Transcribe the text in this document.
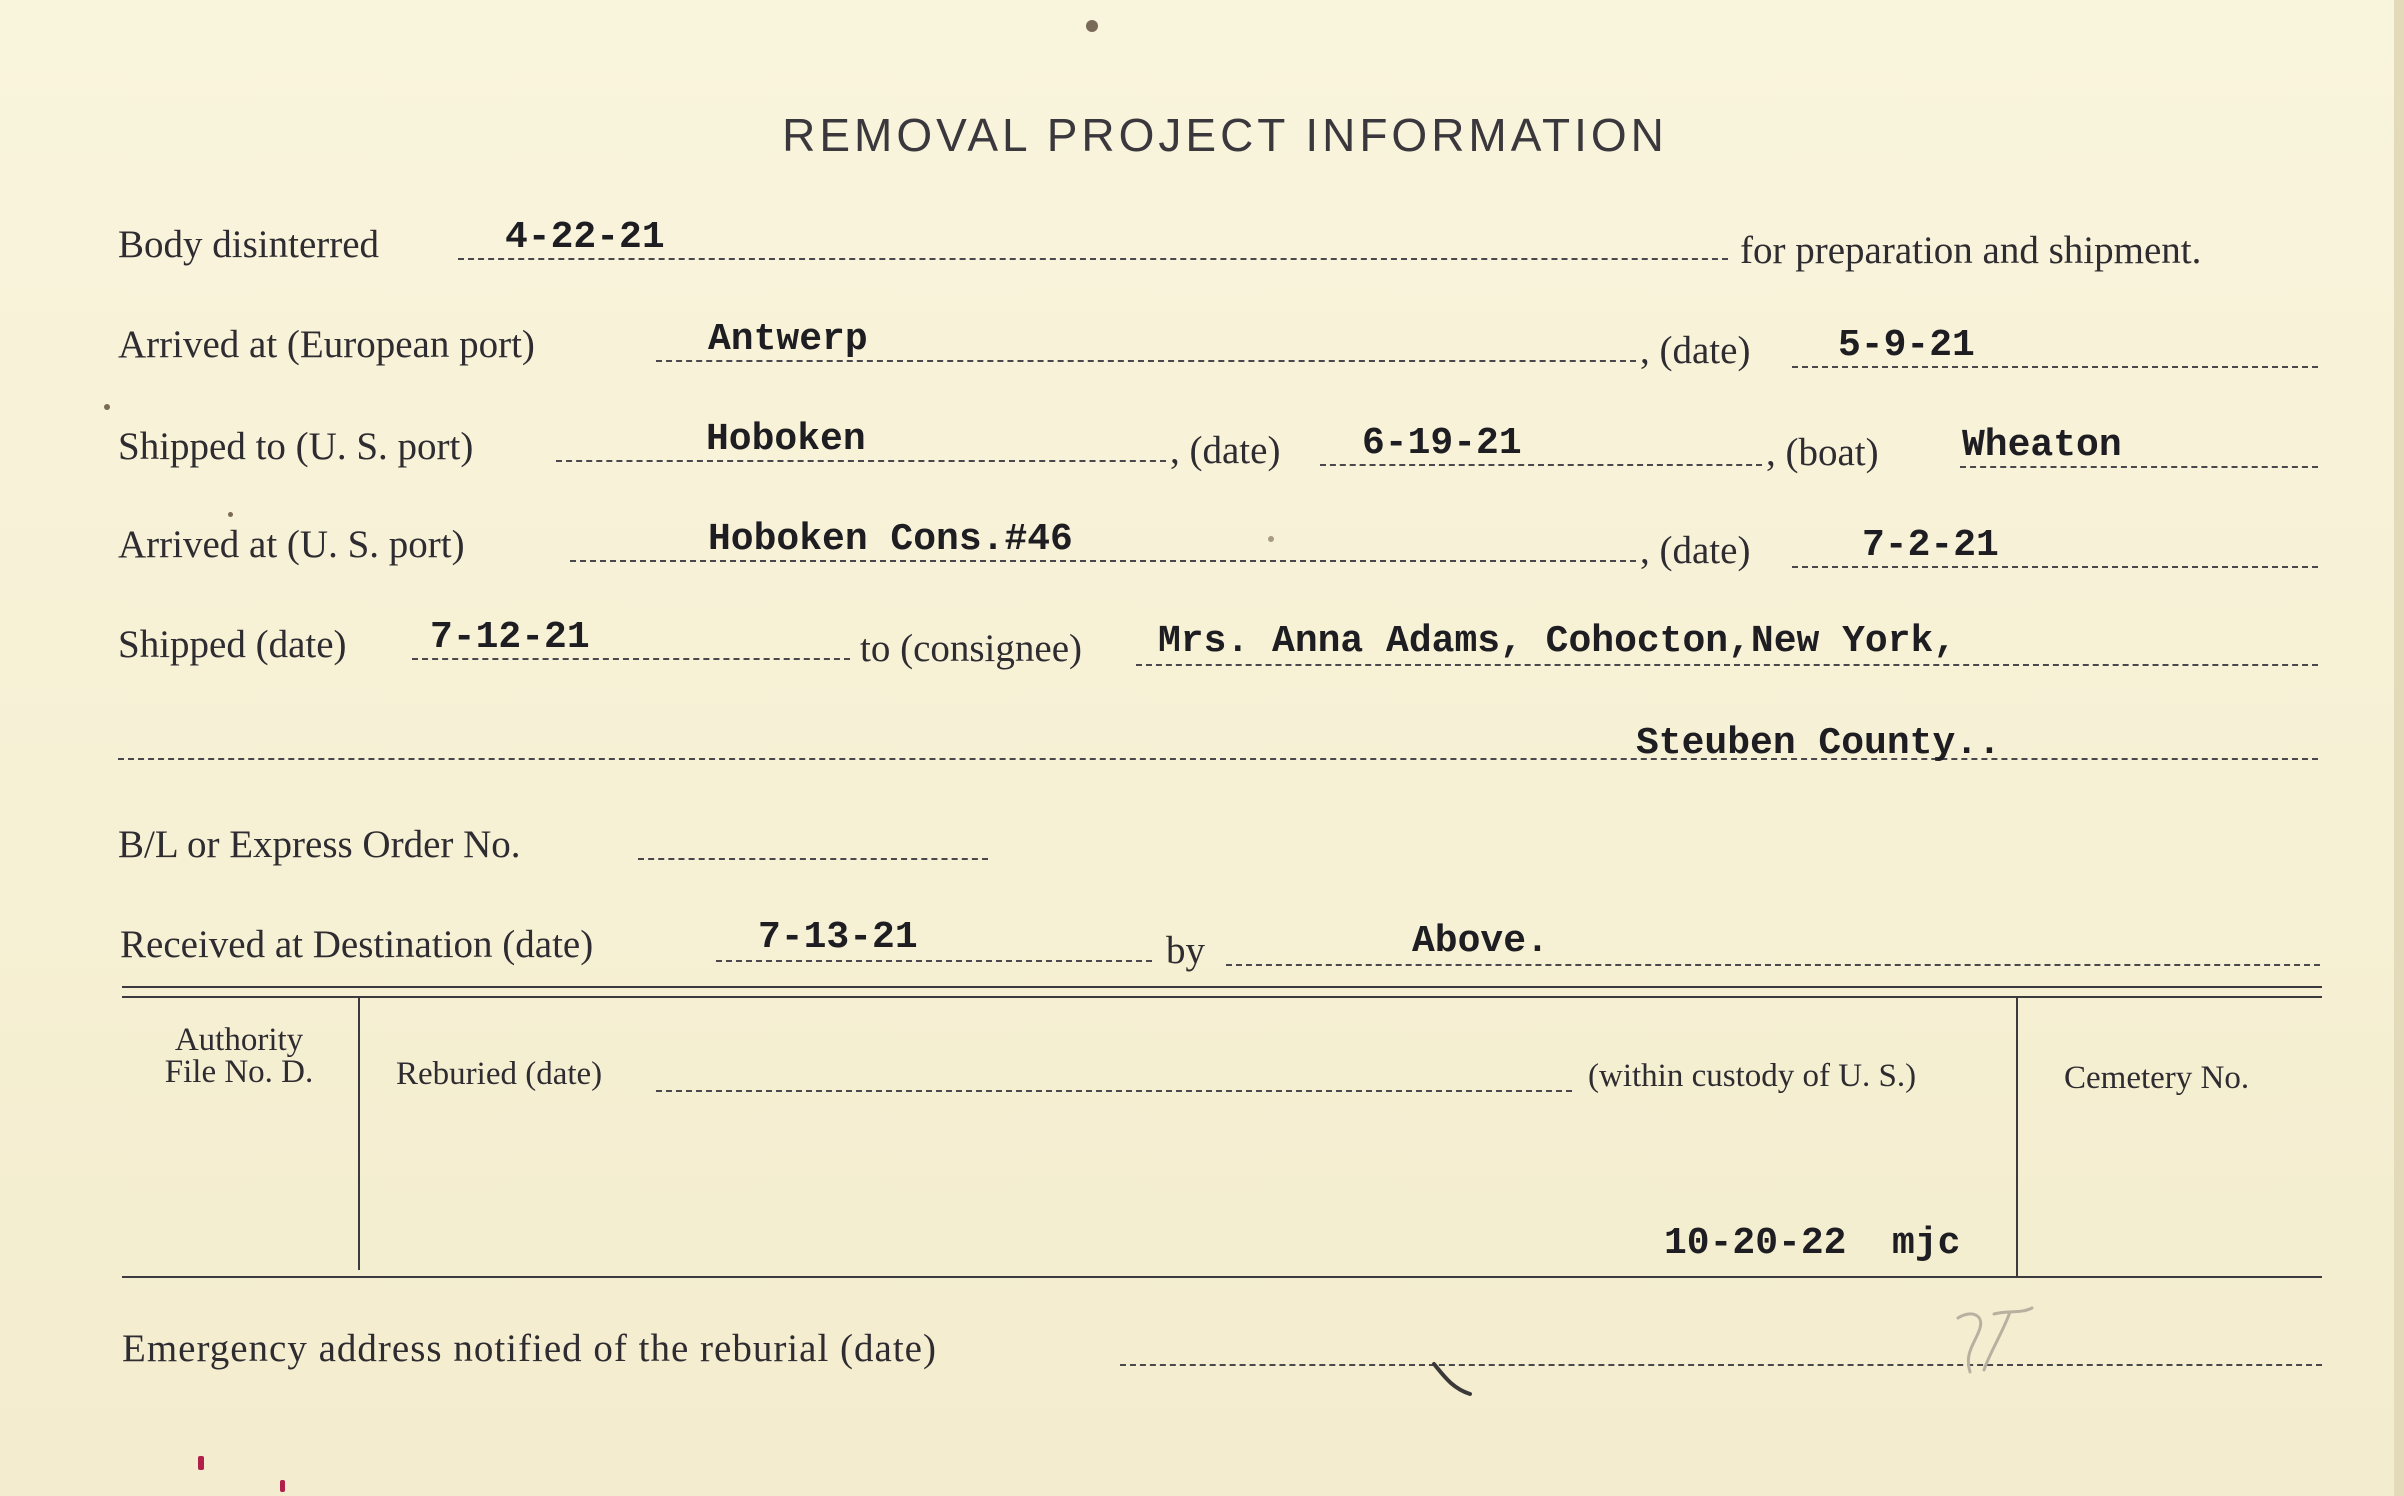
REMOVAL PROJECT INFORMATION
Body disinterred	4-22-21	for preparation and shipment.
Arrived at (European port)	Antwerp	, (date) 5-9-21
Shipped to (U. S. port)	Hoboken	, (date) 6-19-21	, (boat) Wheaton
Arrived at (U. S. port)	Hoboken Cons.#46	, (date)	7-2-21
Shipped (date) 7-12-21	to (consignee) Mrs. Anna Adams, Cohocton,New York,
Steuben County..
B/L or Express Order No.
Received at Destination (date)	7-13-21	by	Above.
Authority
File No. D.	Reburied (date)	(within custody of U. S.)	Cemetery No.
10-20-22  mjc
Emergency address notified of the reburial (date)
